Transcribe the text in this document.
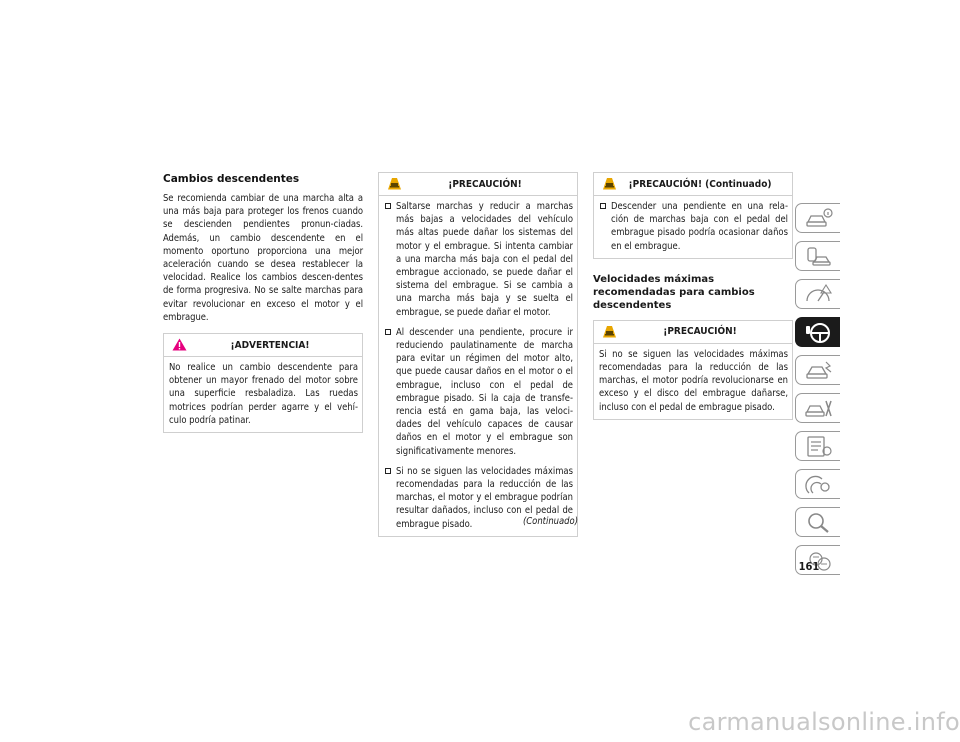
Cambios descendentes

Se recomienda cambiar de una marcha alta a una más baja para proteger los frenos cuando se descienden pendientes pronun-ciadas. Además, un cambio descendente en el momento oportuno proporciona una mejor aceleración cuando se desea restablecer la velocidad. Realice los cambios descen-dentes de forma progresiva. No se salte marchas para evitar revolucionar en exceso el motor y el embrague.

¡ADVERTENCIA!

No realice un cambio descendente para obtener un mayor frenado del motor sobre una superficie resbaladiza. Las ruedas motrices podrían perder agarre y el vehí-culo podría patinar.

¡PRECAUCIÓN!
Saltarse marchas y reducir a marchas más bajas a velocidades del vehículo más altas puede dañar los sistemas del motor y el embrague. Si intenta cambiar a una marcha más baja con el pedal del embrague accionado, se puede dañar el sistema del embrague. Si se cambia a una marcha más baja y se suelta el embrague, se puede dañar el motor.
Al descender una pendiente, procure ir reduciendo paulatinamente de marcha para evitar un régimen del motor alto, que puede causar daños en el motor o el embrague, incluso con el pedal de embrague pisado. Si la caja de transfe-rencia está en gama baja, las veloci-dades del vehículo capaces de causar daños en el motor y el embrague son significativamente menores.
Si no se siguen las velocidades máximas recomendadas para la reducción de las marchas, el motor y el embrague podrían resultar dañados, incluso con el pedal de embrague pisado.	(Continuado)
¡PRECAUCIÓN! (Continuado)
Descender una pendiente en una rela-ción de marchas baja con el pedal del embrague pisado podría ocasionar daños en el embrague.
Velocidades máximas recomendadas para cambios descendentes
¡PRECAUCIÓN!

Si no se siguen las velocidades máximas recomendadas para la reducción de las marchas, el motor podría revolucionarse en exceso y el disco del embrague dañarse, incluso con el pedal de embrague pisado.

161
carmanualsonline.info
